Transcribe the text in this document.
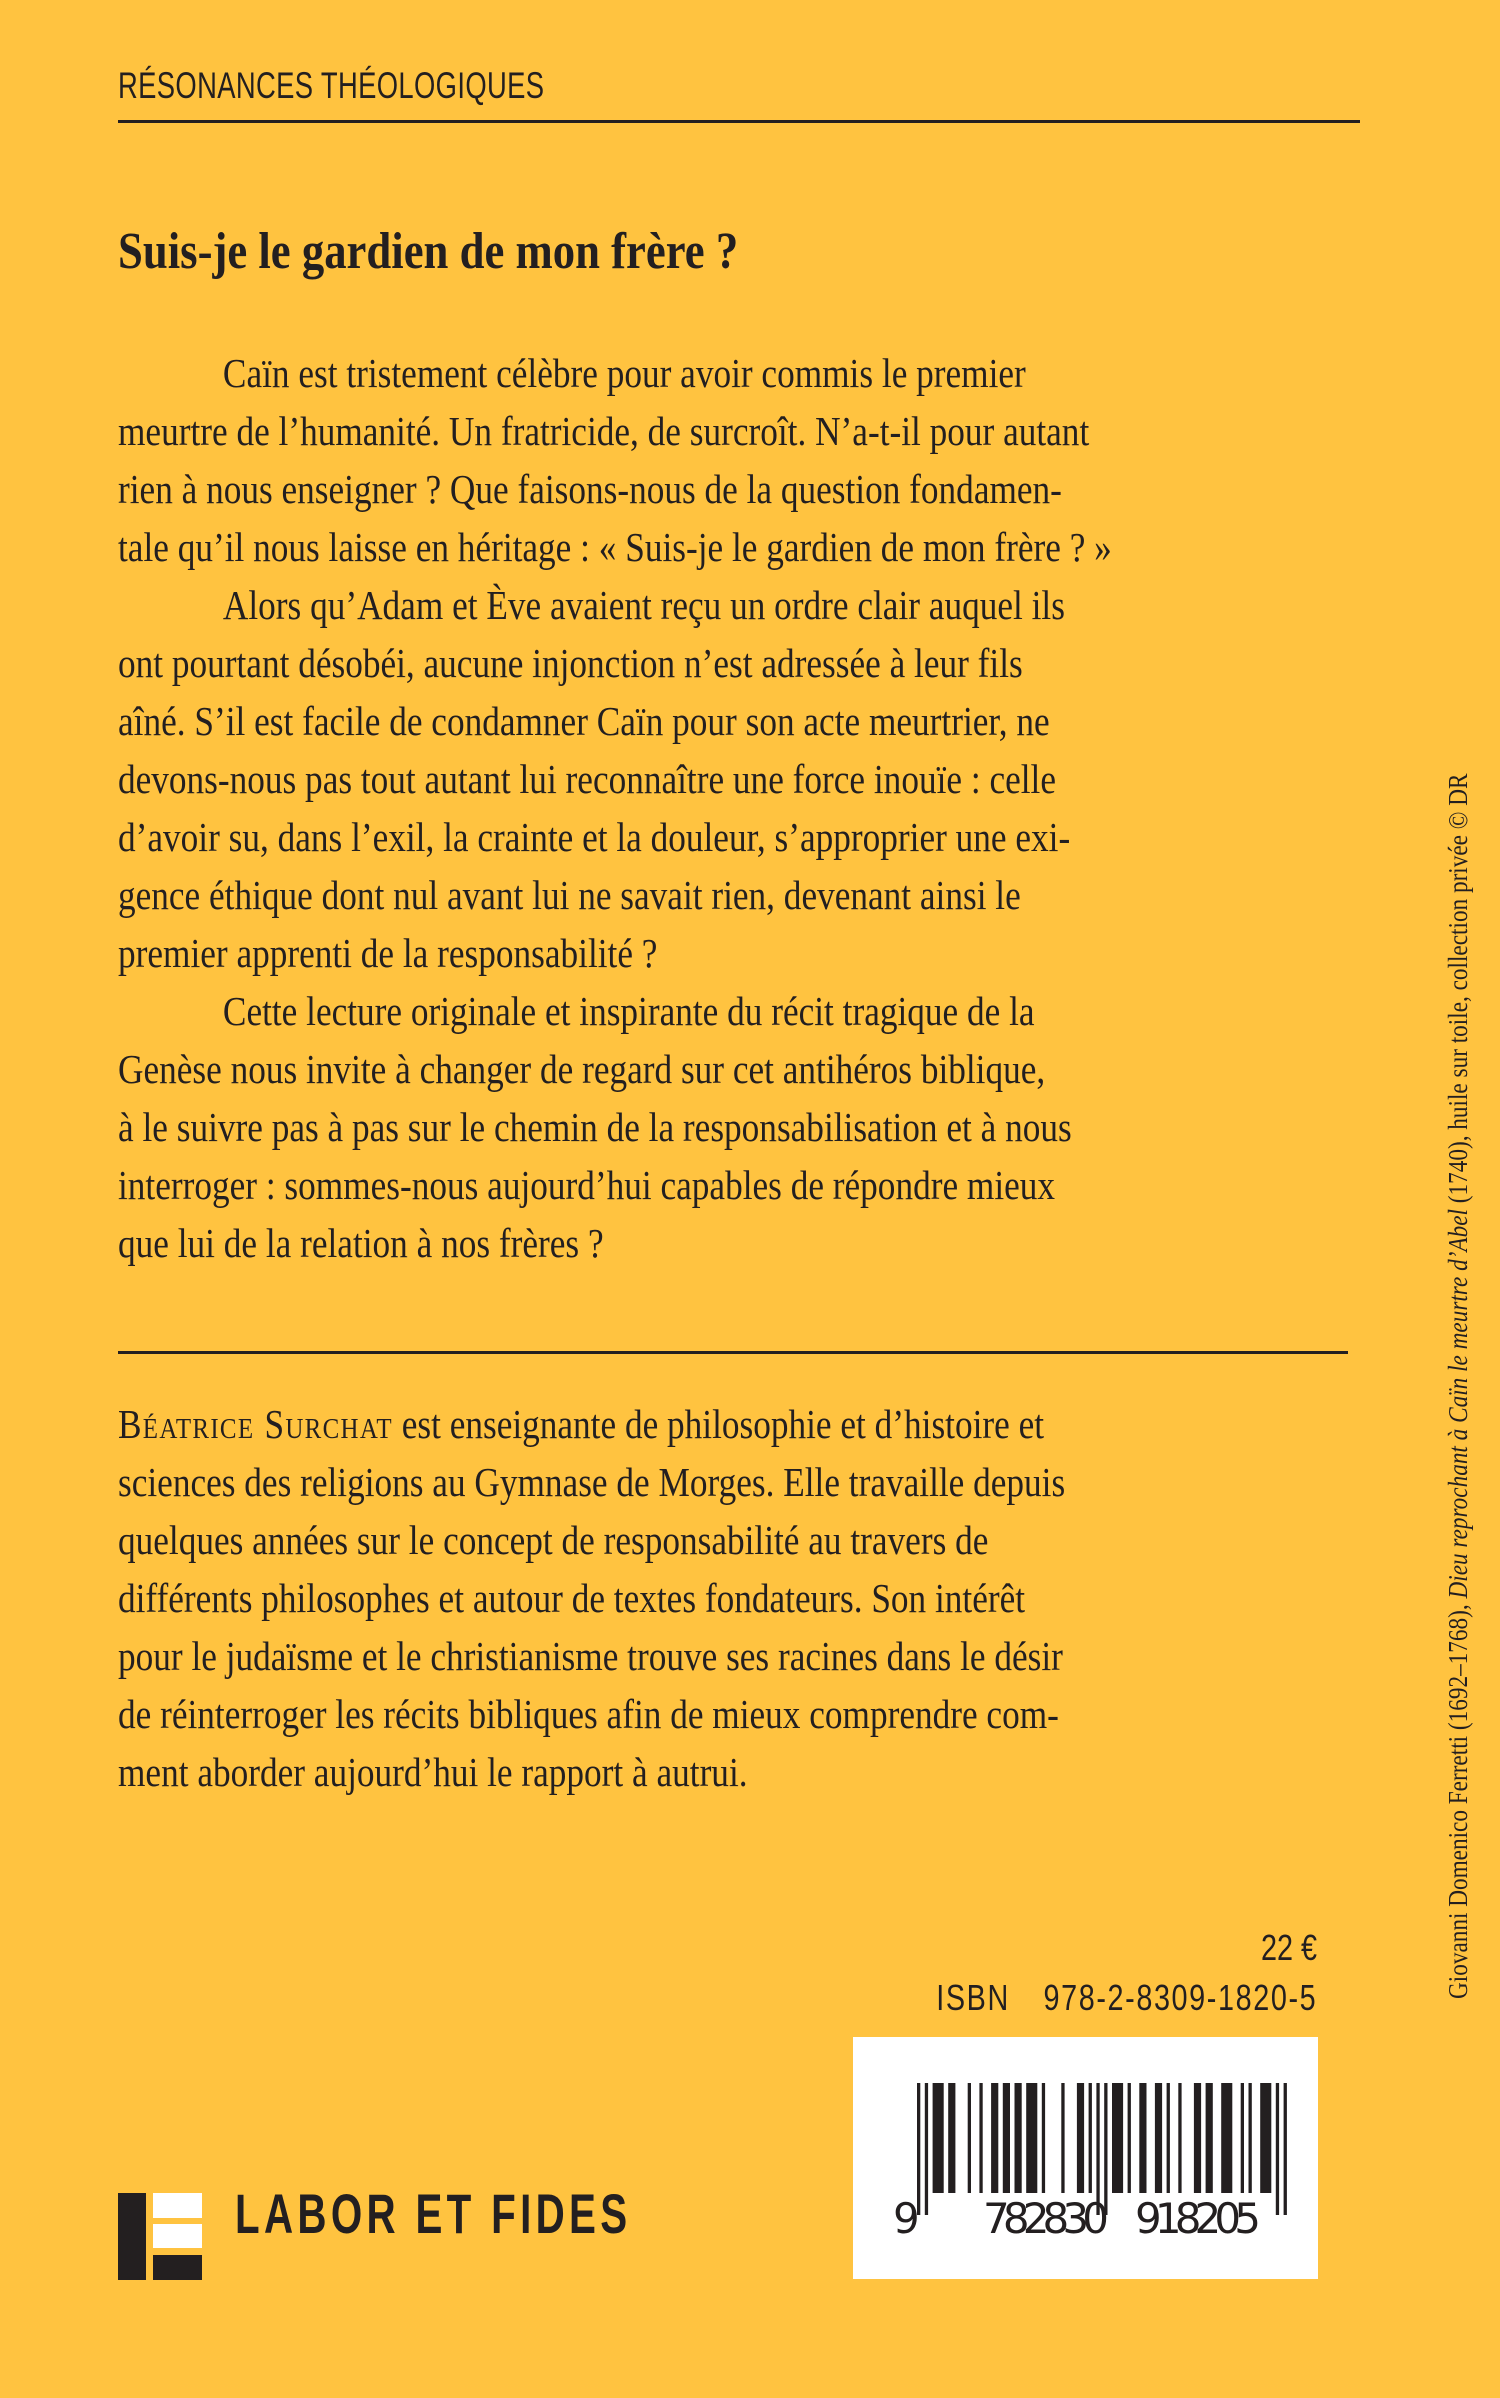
RÉSONANCES THÉOLOGIQUES
Suis-je le gardien de mon frère ?
Caïn est tristement célèbre pour avoir commis le premier
meurtre de l’humanité. Un fratricide, de surcroît. N’a-t-il pour autant
rien à nous enseigner ? Que faisons-nous de la question fondamen-
tale qu’il nous laisse en héritage : « Suis-je le gardien de mon frère ? »
Alors qu’Adam et Ève avaient reçu un ordre clair auquel ils
ont pourtant désobéi, aucune injonction n’est adressée à leur fils
aîné. S’il est facile de condamner Caïn pour son acte meurtrier, ne
devons-nous pas tout autant lui reconnaître une force inouïe : celle
d’avoir su, dans l’exil, la crainte et la douleur, s’approprier une exi-
gence éthique dont nul avant lui ne savait rien, devenant ainsi le
premier apprenti de la responsabilité ?
Cette lecture originale et inspirante du récit tragique de la
Genèse nous invite à changer de regard sur cet antihéros biblique,
à le suivre pas à pas sur le chemin de la responsabilisation et à nous
interroger : sommes-nous aujourd’hui capables de répondre mieux
que lui de la relation à nos frères ?
Béatrice Surchat est enseignante de philosophie et d’histoire et
sciences des religions au Gymnase de Morges. Elle travaille depuis
quelques années sur le concept de responsabilité au travers de
différents philosophes et autour de textes fondateurs. Son intérêt
pour le judaïsme et le christianisme trouve ses racines dans le désir
de réinterroger les récits bibliques afin de mieux comprendre com-
ment aborder aujourd’hui le rapport à autrui.
22 €
ISBN 978-2-8309-1820-5
9 782830 918205
LABOR ET FIDES
Giovanni Domenico Ferretti (1692–1768), Dieu reprochant à Caïn le meurtre d’Abel (1740), huile sur toile, collection privée © DR
